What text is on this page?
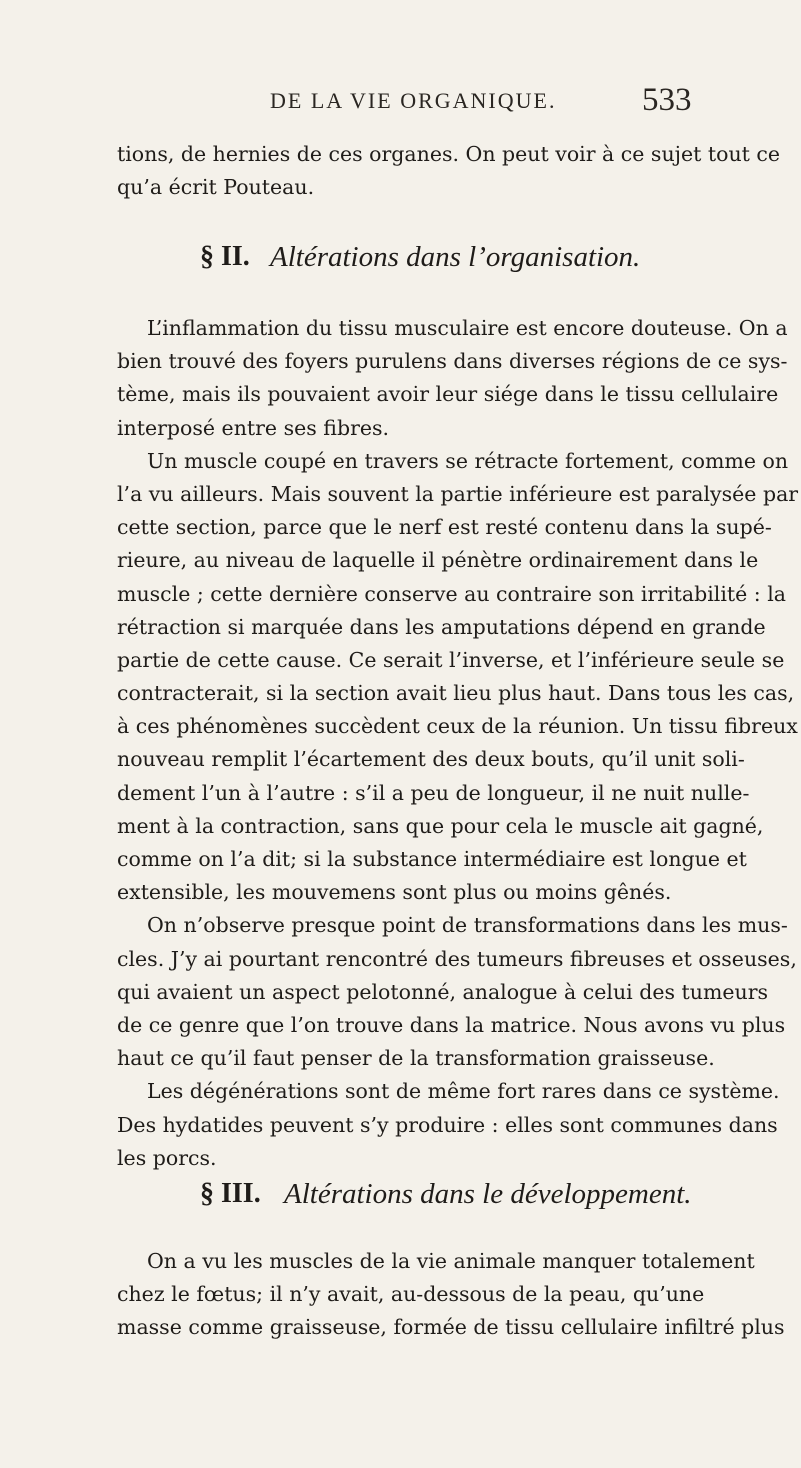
DE LA VIE ORGANIQUE.	533
tions, de hernies de ces organes. On peut voir à ce sujet tout ce
qu’a écrit Pouteau.
§ II. Altérations dans l’organisation.
L’inflammation du tissu musculaire est encore douteuse. On a
bien trouvé des foyers purulens dans diverses régions de ce sys-
tème, mais ils pouvaient avoir leur siége dans le tissu cellulaire
interposé entre ses fibres.
Un muscle coupé en travers se rétracte fortement, comme on
l’a vu ailleurs. Mais souvent la partie inférieure est paralysée par
cette section, parce que le nerf est resté contenu dans la supé-
rieure, au niveau de laquelle il pénètre ordinairement dans le
muscle ; cette dernière conserve au contraire son irritabilité : la
rétraction si marquée dans les amputations dépend en grande
partie de cette cause. Ce serait l’inverse, et l’inférieure seule se
contracterait, si la section avait lieu plus haut. Dans tous les cas,
à ces phénomènes succèdent ceux de la réunion. Un tissu fibreux
nouveau remplit l’écartement des deux bouts, qu’il unit soli-
dement l’un à l’autre : s’il a peu de longueur, il ne nuit nulle-
ment à la contraction, sans que pour cela le muscle ait gagné,
comme on l’a dit; si la substance intermédiaire est longue et
extensible, les mouvemens sont plus ou moins gênés.
On n’observe presque point de transformations dans les mus-
cles. J’y ai pourtant rencontré des tumeurs fibreuses et osseuses,
qui avaient un aspect pelotonné, analogue à celui des tumeurs
de ce genre que l’on trouve dans la matrice. Nous avons vu plus
haut ce qu’il faut penser de la transformation graisseuse.
Les dégénérations sont de même fort rares dans ce système.
Des hydatides peuvent s’y produire : elles sont communes dans
les porcs.
§ III. Altérations dans le développement.
On a vu les muscles de la vie animale manquer totalement
chez le fœtus; il n’y avait, au-dessous de la peau, qu’une
masse comme graisseuse, formée de tissu cellulaire infiltré plus
